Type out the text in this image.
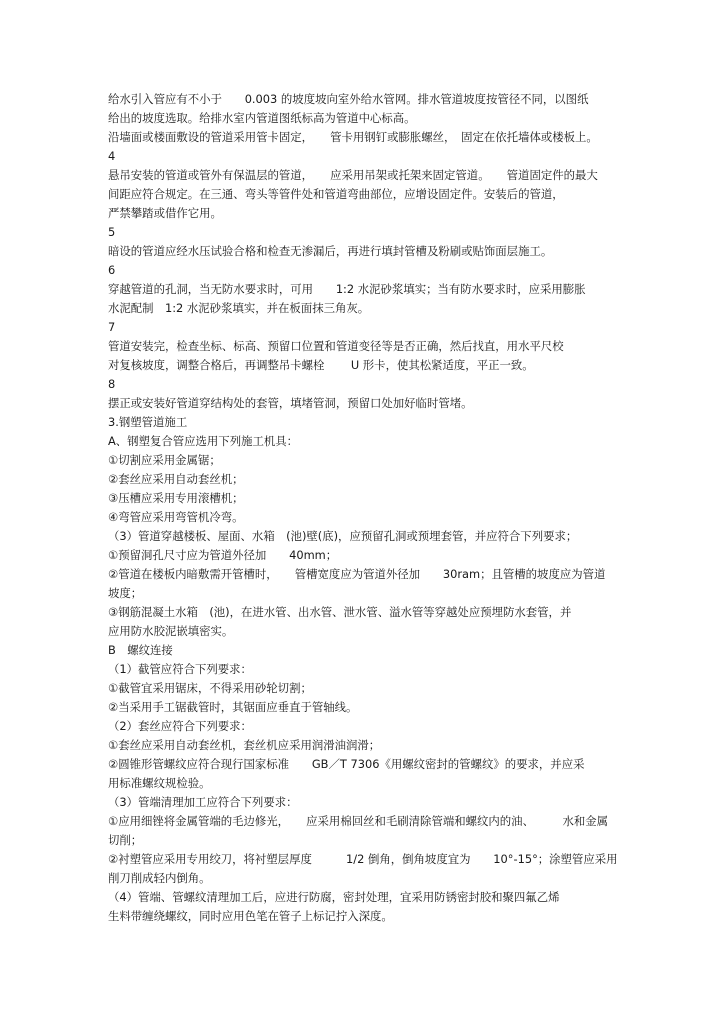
给水引入管应有不小于　　0.003 的坡度坡向室外给水管网。排水管道坡度按管径不同，以图纸
给出的坡度选取。给排水室内管道图纸标高为管道中心标高。
沿墙面或楼面敷设的管道采用管卡固定，　　管卡用钢钉或膨胀螺丝，　固定在依托墙体或楼板上。
4
悬吊安装的管道或管外有保温层的管道，　　应采用吊架或托架来固定管道。　　管道固定件的最大
间距应符合规定。在三通、弯头等管件处和管道弯曲部位，应增设固定件。安装后的管道，
严禁攀踏或借作它用。
5
暗设的管道应经水压试验合格和检查无渗漏后，再进行填封管槽及粉刷或贴饰面层施工。
6
穿越管道的孔洞，当无防水要求时，可用　　1:2 水泥砂浆填实；当有防水要求时，应采用膨胀
水泥配制　1:2 水泥砂浆填实，并在板面抹三角灰。
7
管道安装完，检查坐标、标高、预留口位置和管道变径等是否正确，然后找直，用水平尺校
对复核坡度，调整合格后，再调整吊卡螺栓　　 U 形卡，使其松紧适度，平正一致。
8
摆正或安装好管道穿结构处的套管，填堵管洞，预留口处加好临时管堵。
3.钢塑管道施工
A、钢塑复合管应选用下列施工机具：
①切割应采用金属锯；
②套丝应采用自动套丝机；
③压槽应采用专用滚槽机；
④弯管应采用弯管机冷弯。
（3）管道穿越楼板、屋面、水箱　(池)壁(底)，应预留孔洞或预埋套管，并应符合下列要求；
①预留洞孔尺寸应为管道外径加　　40mm；
②管道在楼板内暗敷需开管槽时，　　管槽宽度应为管道外径加　　30ram；且管槽的坡度应为管道
坡度；
③钢筋混凝土水箱　(池)，在进水管、出水管、泄水管、溢水管等穿越处应预埋防水套管，并
应用防水胶泥嵌填密实。
B　螺纹连接
（1）截管应符合下列要求：
①截管宜采用锯床，不得采用砂轮切割；
②当采用手工锯截管时，其锯面应垂直于管轴线。
（2）套丝应符合下列要求：
①套丝应采用自动套丝机，套丝机应采用润滑油润滑；
②圆锥形管螺纹应符合现行国家标准　　GB／T 7306《用螺纹密封的管螺纹》的要求，并应采
用标准螺纹规检验。
（3）管端清理加工应符合下列要求：
①应用细锉将金属管端的毛边修光，　　应采用棉回丝和毛刷清除管端和螺纹内的油、　　　水和金属
切削；
②衬塑管应采用专用绞刀，将衬塑层厚度　　　1/2 倒角，倒角坡度宜为　　10°-15°；涂塑管应采用
削刀削成轻内倒角。
（4）管端、管螺纹清理加工后，应进行防腐，密封处理，宜采用防锈密封胶和聚四氟乙烯
生料带缠绕螺纹，同时应用色笔在管子上标记拧入深度。
